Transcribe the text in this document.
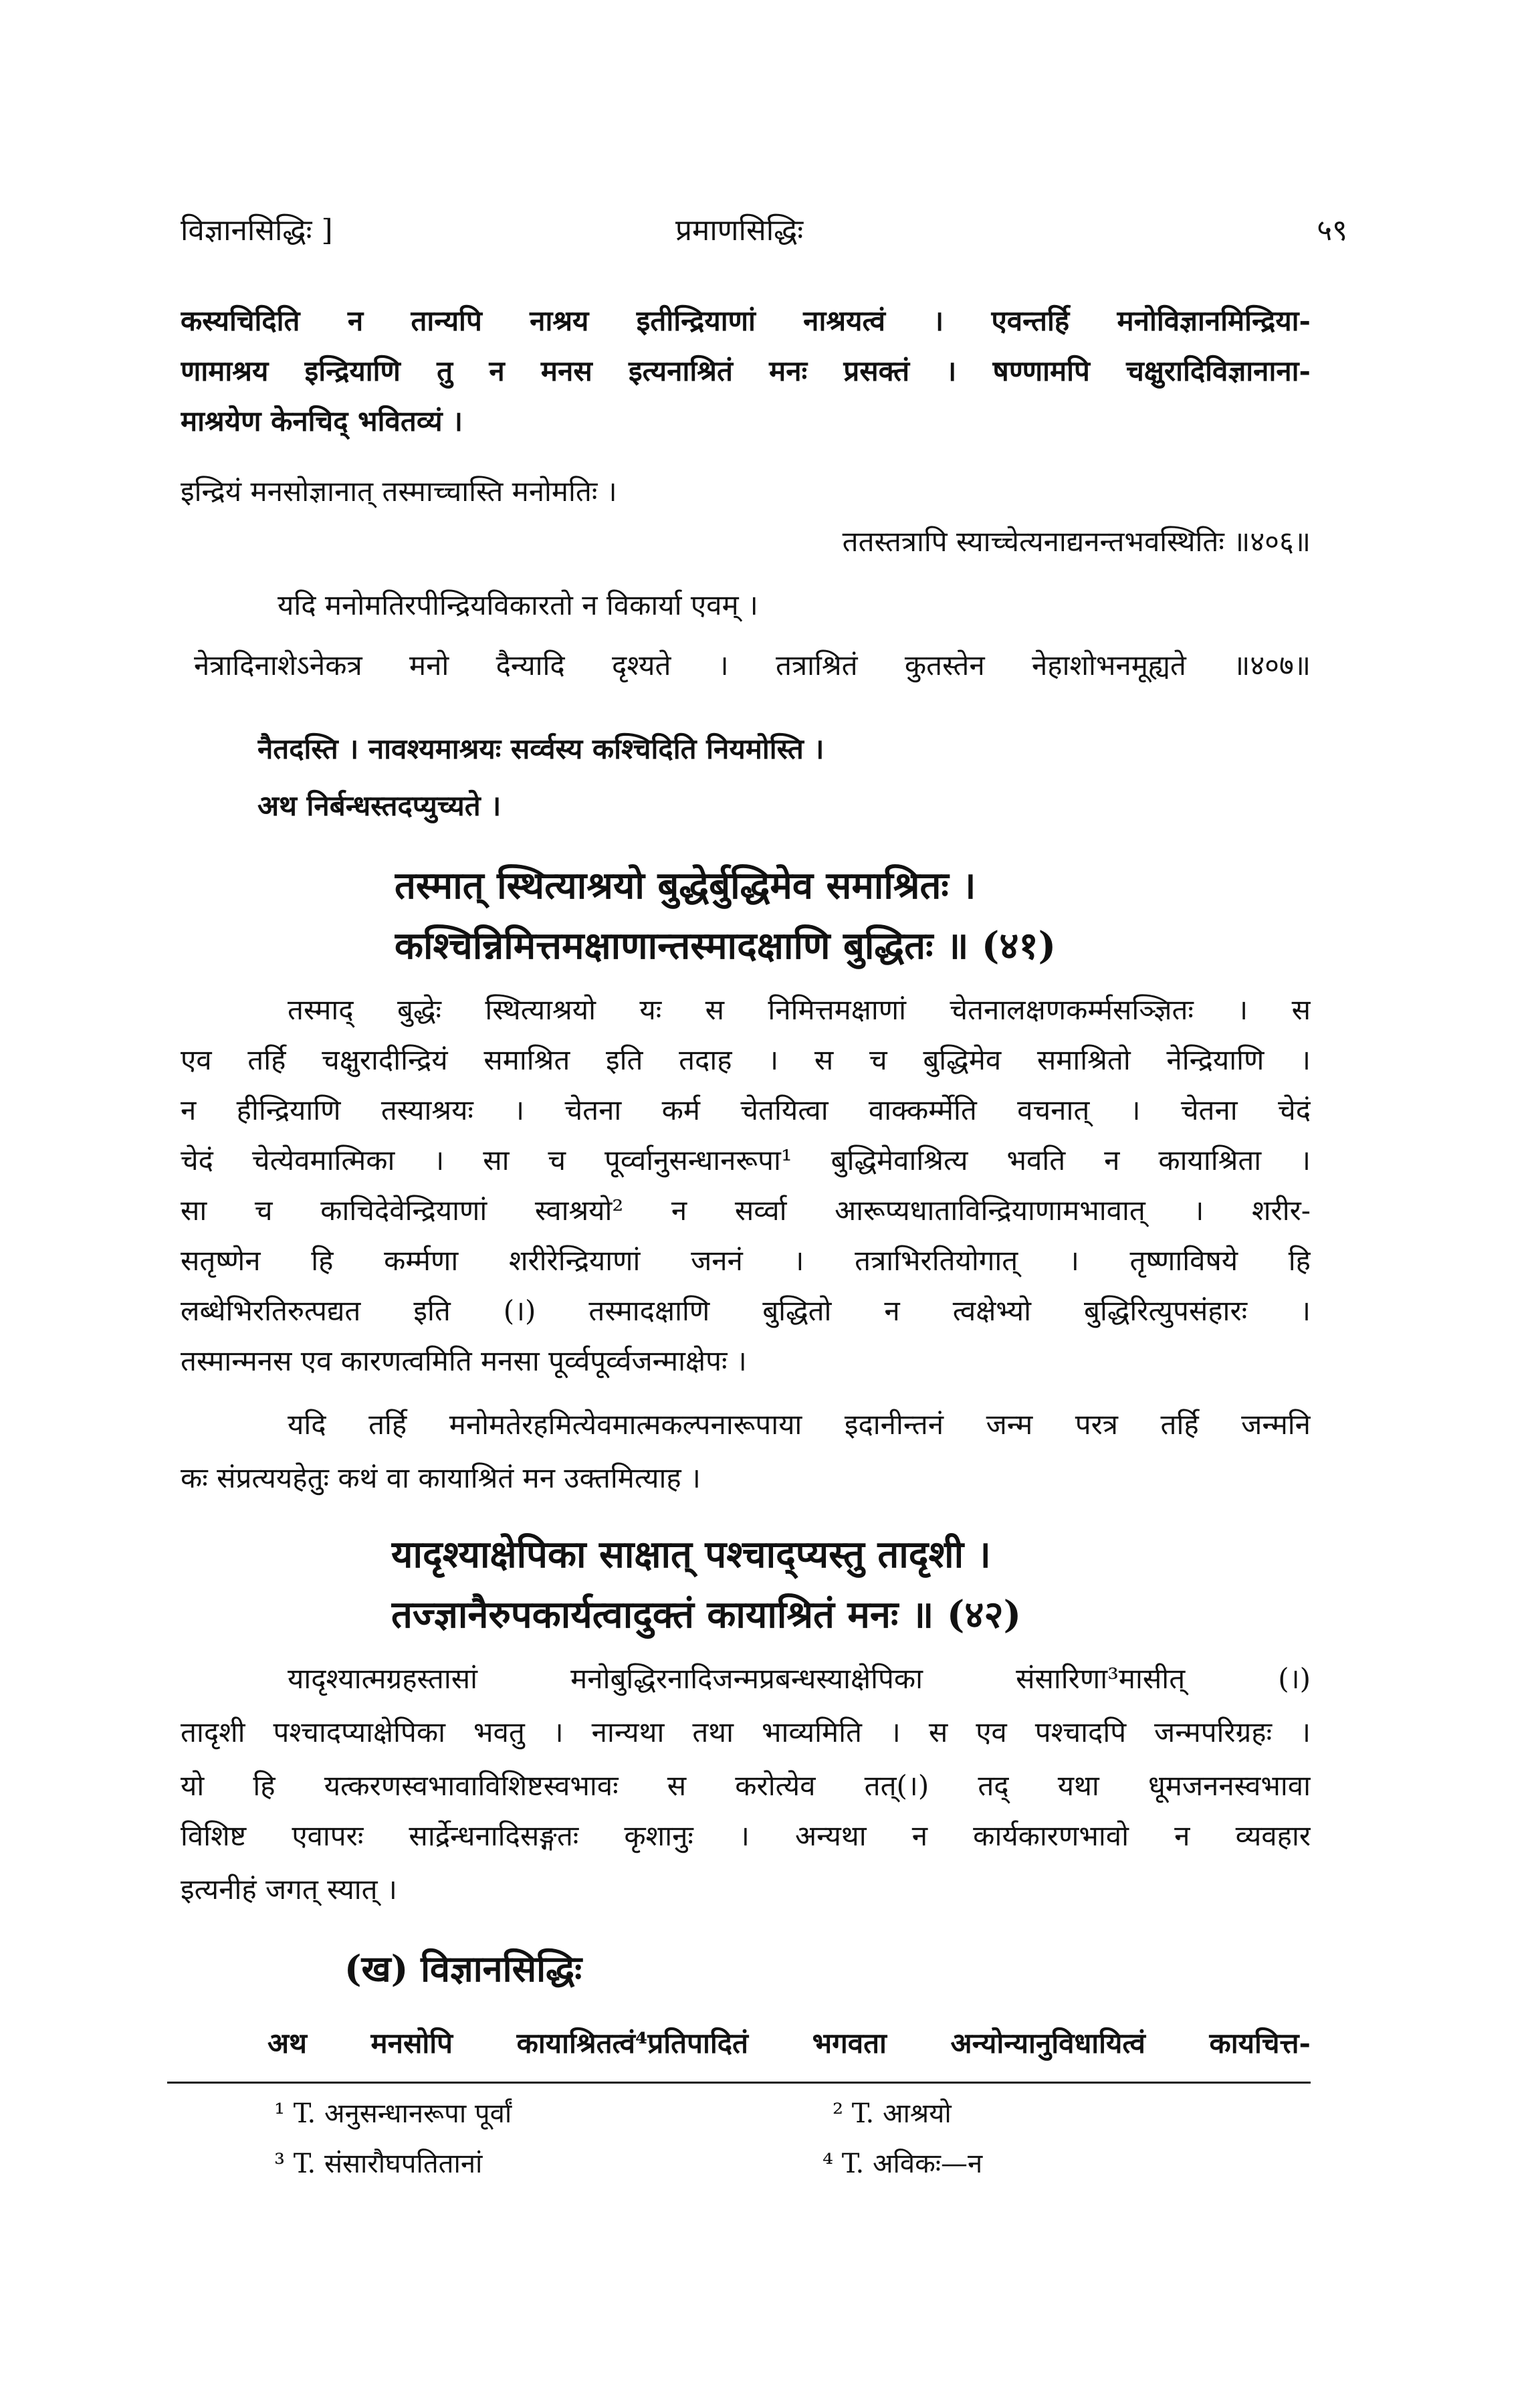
विज्ञानसिद्धिः ]	प्रमाणसिद्धिः	५९
कस्यचिदिति न तान्यपि नाश्रय इतीन्द्रियाणां नाश्रयत्वं । एवन्तर्हि मनोविज्ञानमिन्द्रिया-
णामाश्रय इन्द्रियाणि तु न मनस इत्यनाश्रितं मनः प्रसक्तं । षण्णामपि चक्षुरादिविज्ञानाना-
माश्रयेण केनचिद् भवितव्यं ।
इन्द्रियं मनसोज्ञानात् तस्माच्चास्ति मनोमतिः ।
ततस्तत्रापि स्याच्चेत्यनाद्यनन्तभवस्थितिः ॥४०६॥
यदि मनोमतिरपीन्द्रियविकारतो न विकार्या एवम् ।
नेत्रादिनाशेऽनेकत्र मनो दैन्यादि दृश्यते । तत्राश्रितं कुतस्तेन नेहाशोभनमूह्यते ॥४०७॥
नैतदस्ति । नावश्यमाश्रयः सर्व्वस्य कश्चिदिति नियमोस्ति ।
अथ निर्बन्धस्तदप्युच्यते ।
तस्मात् स्थित्याश्रयो बुद्धेर्बुद्धिमेव समाश्रितः ।
कश्चिन्निमित्तमक्षाणान्तस्मादक्षाणि बुद्धितः ॥ (४१)
तस्माद् बुद्धेः स्थित्याश्रयो यः स निमित्तमक्षाणां चेतनालक्षणकर्म्मसञ्ज्ञितः । स
एव तर्हि चक्षुरादीन्द्रियं समाश्रित इति तदाह । स च बुद्धिमेव समाश्रितो नेन्द्रियाणि ।
न हीन्द्रियाणि तस्याश्रयः । चेतना कर्म चेतयित्वा वाक्कर्म्मेति वचनात् । चेतना चेदं
चेदं चेत्येवमात्मिका । सा च पूर्व्वानुसन्धानरूपा¹ बुद्धिमेवाश्रित्य भवति न कायाश्रिता ।
सा च काचिदेवेन्द्रियाणां स्वाश्रयो² न सर्व्वा आरूप्यधाताविन्द्रियाणामभावात् । शरीर-
सतृष्णेन हि कर्म्मणा शरीरेन्द्रियाणां जननं । तत्राभिरतियोगात् । तृष्णाविषये हि
लब्धेभिरतिरुत्पद्यत इति (।) तस्मादक्षाणि बुद्धितो न त्वक्षेभ्यो बुद्धिरित्युपसंहारः ।
तस्मान्मनस एव कारणत्वमिति मनसा पूर्व्वपूर्व्वजन्माक्षेपः ।
यदि तर्हि मनोमतेरहमित्येवमात्मकल्पनारूपाया इदानीन्तनं जन्म परत्र तर्हि जन्मनि
कः संप्रत्ययहेतुः कथं वा कायाश्रितं मन उक्तमित्याह ।
यादृश्याक्षेपिका साक्षात् पश्चाद्प्यस्तु तादृशी ।
तज्ज्ञानैरुपकार्यत्वादुक्तं कायाश्रितं मनः ॥ (४२)
यादृश्यात्मग्रहस्तासां मनोबुद्धिरनादिजन्मप्रबन्धस्याक्षेपिका संसारिणा³मासीत् (।)
तादृशी पश्चादप्याक्षेपिका भवतु । नान्यथा तथा भाव्यमिति । स एव पश्चादपि जन्मपरिग्रहः ।
यो हि यत्करणस्वभावाविशिष्टस्वभावः स करोत्येव तत्(।) तद् यथा धूमजननस्वभावा
विशिष्ट एवापरः सार्द्रेन्धनादिसङ्गतः कृशानुः । अन्यथा न कार्यकारणभावो न व्यवहार
इत्यनीहं जगत् स्यात् ।
(ख) विज्ञानसिद्धिः
अथ मनसोपि कायाश्रितत्वं⁴प्रतिपादितं भगवता अन्योन्यानुविधायित्वं कायचित्त-
¹ T. अनुसन्धानरूपा पूर्वां	² T. आश्रयो
³ T. संसारौघपतितानां	⁴ T. अविकः—न
